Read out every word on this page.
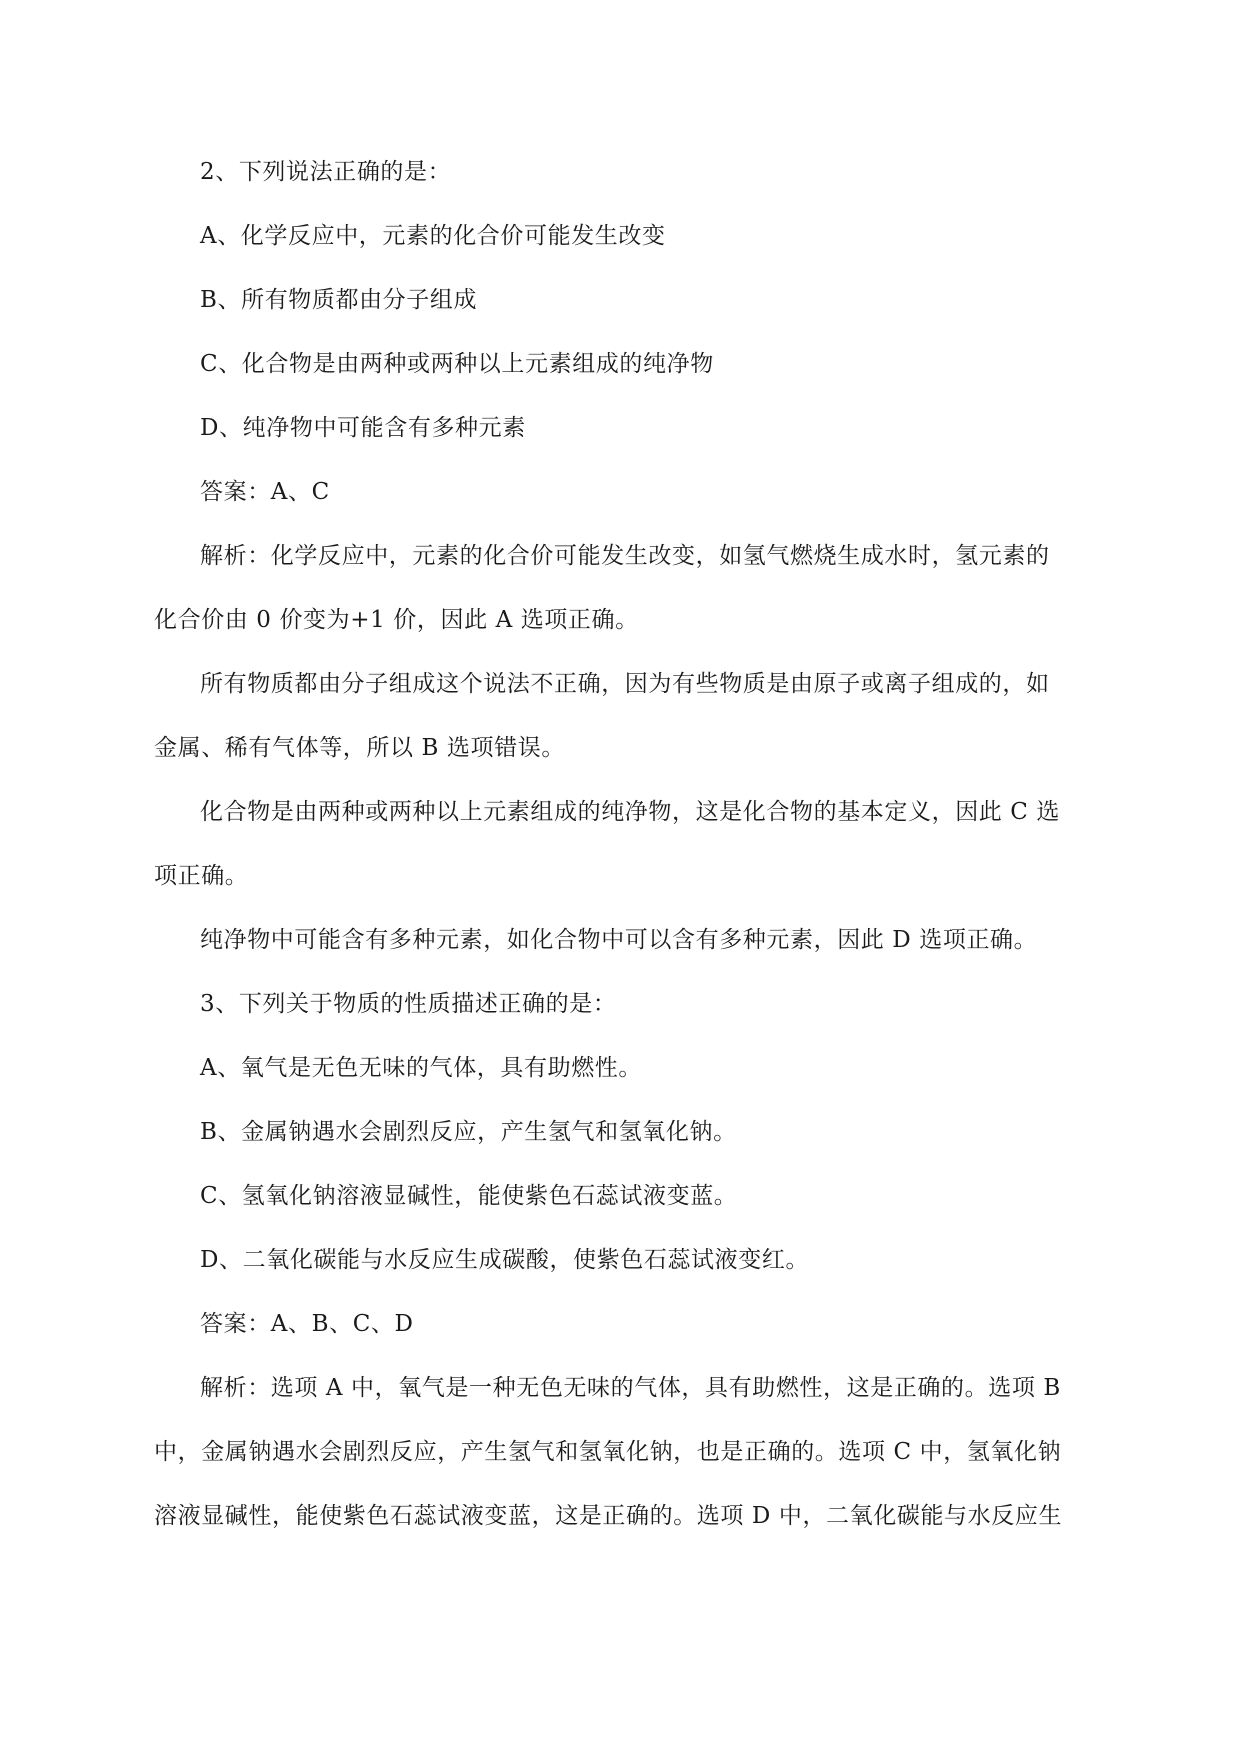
2、下列说法正确的是：
A、化学反应中，元素的化合价可能发生改变
B、所有物质都由分子组成
C、化合物是由两种或两种以上元素组成的纯净物
D、纯净物中可能含有多种元素
答案：A、C
解析：化学反应中，元素的化合价可能发生改变，如氢气燃烧生成水时，氢元素的
化合价由 0 价变为+1 价，因此 A 选项正确。
所有物质都由分子组成这个说法不正确，因为有些物质是由原子或离子组成的，如
金属、稀有气体等，所以 B 选项错误。
化合物是由两种或两种以上元素组成的纯净物，这是化合物的基本定义，因此 C 选
项正确。
纯净物中可能含有多种元素，如化合物中可以含有多种元素，因此 D 选项正确。
3、下列关于物质的性质描述正确的是：
A、氧气是无色无味的气体，具有助燃性。
B、金属钠遇水会剧烈反应，产生氢气和氢氧化钠。
C、氢氧化钠溶液显碱性，能使紫色石蕊试液变蓝。
D、二氧化碳能与水反应生成碳酸，使紫色石蕊试液变红。
答案：A、B、C、D
解析：选项 A 中，氧气是一种无色无味的气体，具有助燃性，这是正确的。选项 B
中，金属钠遇水会剧烈反应，产生氢气和氢氧化钠，也是正确的。选项 C 中，氢氧化钠
溶液显碱性，能使紫色石蕊试液变蓝，这是正确的。选项 D 中，二氧化碳能与水反应生
